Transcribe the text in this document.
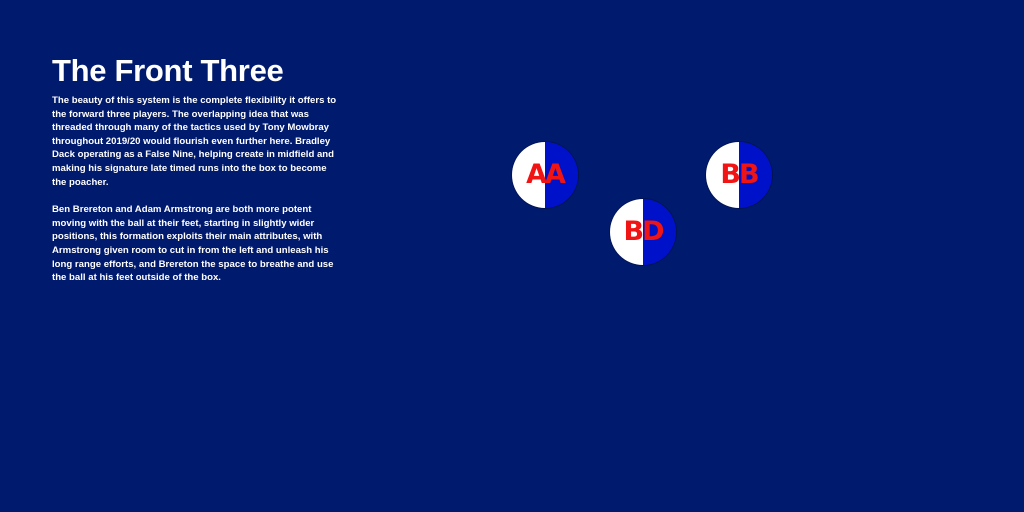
The Front Three

The beauty of this system is the complete flexibility it offers to the forward three players. The overlapping idea that was threaded through many of the tactics used by Tony Mowbray throughout 2019/20 would flourish even further here. Bradley Dack operating as a False Nine, helping create in midfield and making his signature late timed runs into the box to become the poacher.

Ben Brereton and Adam Armstrong are both more potent moving with the ball at their feet, starting in slightly wider positions, this formation exploits their main attributes, with Armstrong given room to cut in from the left and unleash his long range efforts, and Brereton the space to breathe and use the ball at his feet outside of the box.

AA	BB
BD
